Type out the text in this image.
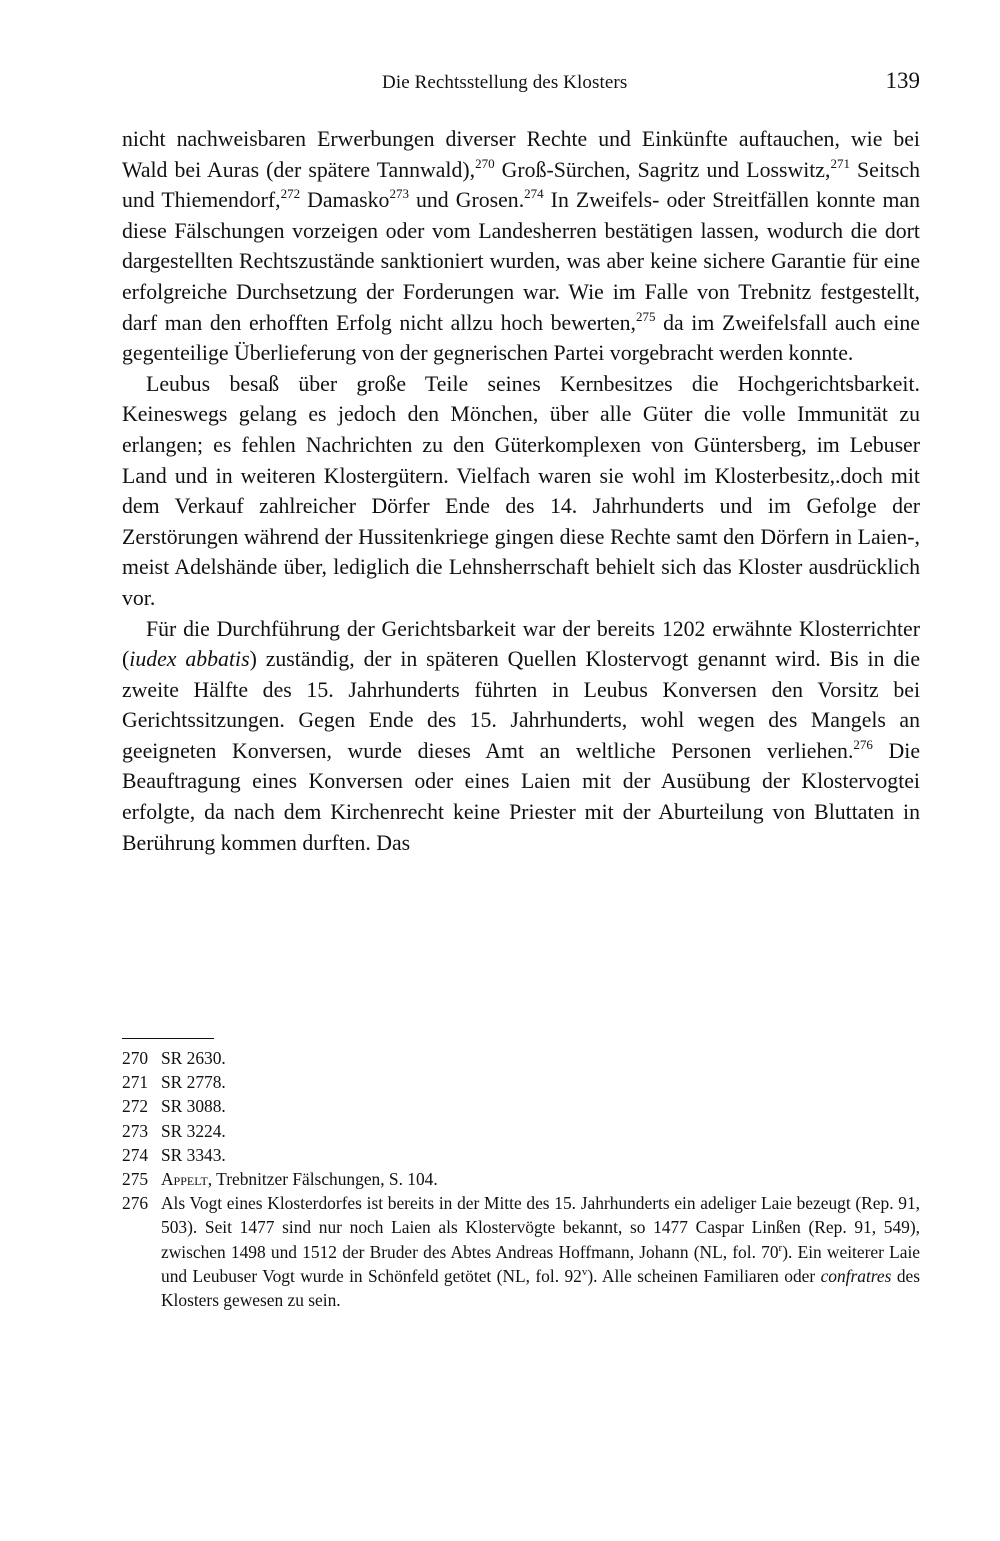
Die Rechtsstellung des Klosters	139

nicht nachweisbaren Erwerbungen diverser Rechte und Einkünfte auftauchen, wie bei Wald bei Auras (der spätere Tannwald),$^{270}$ Groß-Sürchen, Sagritz und Losswitz,$^{271}$ Seitsch und Thiemendorf,$^{272}$ Damasko$^{273}$ und Grosen.$^{274}$ In Zweifels- oder Streitfällen konnte man diese Fälschungen vorzeigen oder vom Landesherren bestätigen lassen, wodurch die dort dargestellten Rechtszustände sanktioniert wurden, was aber keine sichere Garantie für eine erfolgreiche Durchsetzung der Forderungen war. Wie im Falle von Trebnitz festgestellt, darf man den erhofften Erfolg nicht allzu hoch bewerten,$^{275}$ da im Zweifelsfall auch eine gegenteilige Überlieferung von der gegnerischen Partei vorgebracht werden konnte.

Leubus besaß über große Teile seines Kernbesitzes die Hochgerichtsbarkeit. Keineswegs gelang es jedoch den Mönchen, über alle Güter die volle Immunität zu erlangen; es fehlen Nachrichten zu den Güterkomplexen von Güntersberg, im Lebuser Land und in weiteren Klostergütern. Vielfach waren sie wohl im Klosterbesitz,.doch mit dem Verkauf zahlreicher Dörfer Ende des 14. Jahrhunderts und im Gefolge der Zerstörungen während der Hussitenkriege gingen diese Rechte samt den Dörfern in Laien-, meist Adelshände über, lediglich die Lehnsherrschaft behielt sich das Kloster ausdrücklich vor.

Für die Durchführung der Gerichtsbarkeit war der bereits 1202 erwähnte Klosterrichter (iudex abbatis) zuständig, der in späteren Quellen Klostervogt genannt wird. Bis in die zweite Hälfte des 15. Jahrhunderts führten in Leubus Konversen den Vorsitz bei Gerichtssitzungen. Gegen Ende des 15. Jahrhunderts, wohl wegen des Mangels an geeigneten Konversen, wurde dieses Amt an weltliche Personen verliehen.$^{276}$ Die Beauftragung eines Konversen oder eines Laien mit der Ausübung der Klostervogtei erfolgte, da nach dem Kirchenrecht keine Priester mit der Aburteilung von Bluttaten in Berührung kommen durften. Das

270 SR 2630.
271 SR 2778.
272 SR 3088.
273 SR 3224.
274 SR 3343.
275 Appelt, Trebnitzer Fälschungen, S. 104.
276 Als Vogt eines Klosterdorfes ist bereits in der Mitte des 15. Jahrhunderts ein adeliger Laie bezeugt (Rep. 91, 503). Seit 1477 sind nur noch Laien als Klostervögte bekannt, so 1477 Caspar Linßen (Rep. 91, 549), zwischen 1498 und 1512 der Bruder des Abtes Andreas Hoffmann, Johann (NL, fol. 70$^r$). Ein weiterer Laie und Leubuser Vogt wurde in Schönfeld getötet (NL, fol. 92$^v$). Alle scheinen Familiaren oder confratres des Klosters gewesen zu sein.
